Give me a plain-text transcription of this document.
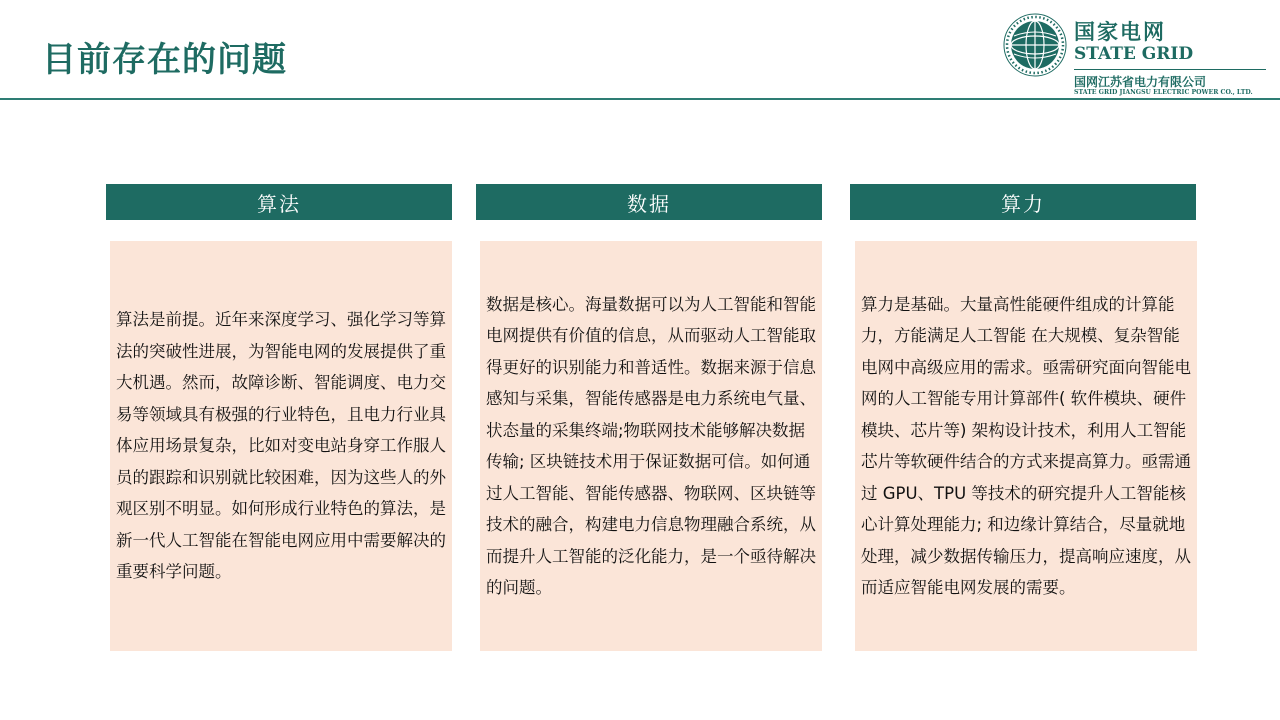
目前存在的问题
国家电网
STATE GRID
国网江苏省电力有限公司
STATE GRID JIANGSU ELECTRIC POWER CO., LTD.
算法

算法是前提。近年来深度学习、强化学习等算法的突破性进展，为智能电网的发展提供了重大机遇。然而，故障诊断、智能调度、电力交易等领域具有极强的行业特色，且电力行业具体应用场景复杂，比如对变电站身穿工作服人员的跟踪和识别就比较困难，因为这些人的外观区别不明显。如何形成行业特色的算法，是新一代人工智能在智能电网应用中需要解决的重要科学问题。

数据

数据是核心。海量数据可以为人工智能和智能电网提供有价值的信息，从而驱动人工智能取得更好的识别能力和普适性。数据来源于信息感知与采集，智能传感器是电力系统电气量、状态量的采集终端;物联网技术能够解决数据传输; 区块链技术用于保证数据可信。如何通过人工智能、智能传感器、物联网、区块链等技术的融合，构建电力信息物理融合系统，从而提升人工智能的泛化能力，是一个亟待解决的问题。

算力

算力是基础。大量高性能硬件组成的计算能力，方能满足人工智能 在大规模、复杂智能电网中高级应用的需求。亟需研究面向智能电网的人工智能专用计算部件( 软件模块、硬件模块、芯片等) 架构设计技术，利用人工智能芯片等软硬件结合的方式来提高算力。亟需通过 GPU、TPU 等技术的研究提升人工智能核心计算处理能力; 和边缘计算结合，尽量就地处理，减少数据传输压力，提高响应速度，从而适应智能电网发展的需要。
